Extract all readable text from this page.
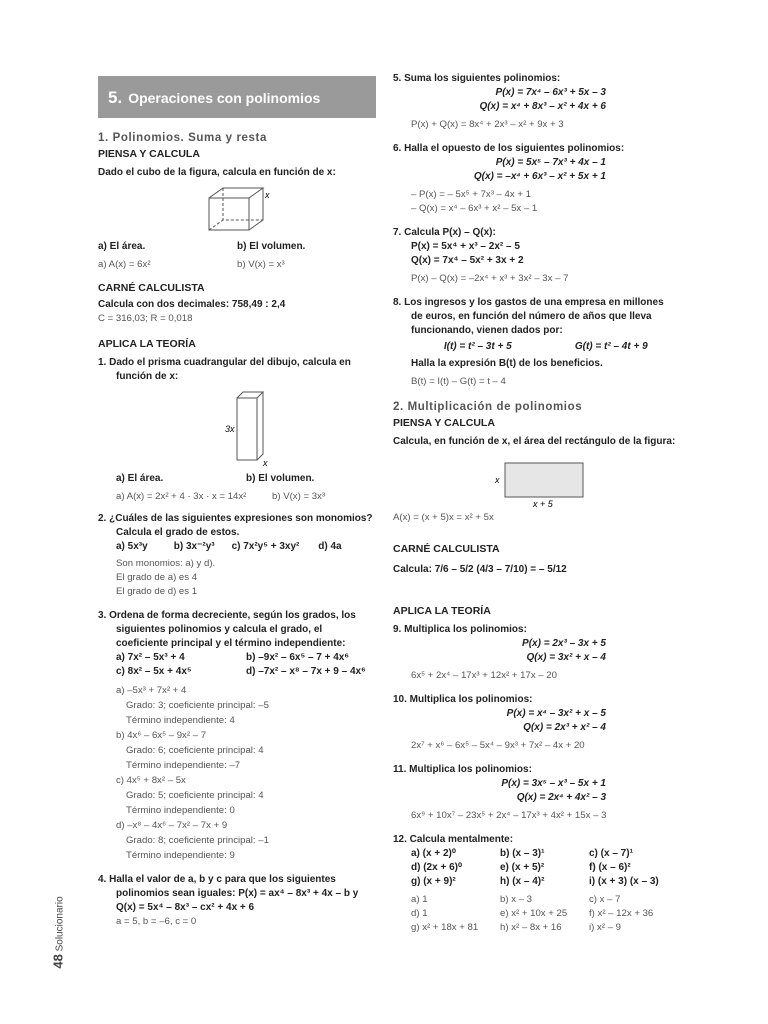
5. Operaciones con polinomios
1. Polinomios. Suma y resta
PIENSA Y CALCULA
Dado el cubo de la figura, calcula en función de x:
x
a) El área.	b) El volumen.
a) A(x) = 6x²	b) V(x) = x³
CARNÉ CALCULISTA
Calcula con dos decimales: 758,49 : 2,4
C = 316,03; R = 0,018
APLICA LA TEORÍA
1. Dado el prisma cuadrangular del dibujo, calcula en función de x:
3x
x
a) El área.	b) El volumen.
a) A(x) = 2x² + 4 · 3x · x = 14x²	b) V(x) = 3x³
2. ¿Cuáles de las siguientes expresiones son monomios? Calcula el grado de estos.
a) 5x³y	b) 3x⁻²y³	c) 7x²y⁵ + 3xy²	d) 4a
Son monomios: a) y d).
El grado de a) es 4
El grado de d) es 1
3. Ordena de forma decreciente, según los grados, los siguientes polinomios y calcula el grado, el coeficiente principal y el término independiente:
a) 7x² – 5x³ + 4	b) –9x² – 6x⁵ – 7 + 4x⁶
c) 8x² – 5x + 4x⁵	d) –7x² – x⁸ – 7x + 9 – 4x⁶
a) –5x³ + 7x² + 4
Grado: 3; coeficiente principal: –5
Término independiente: 4
b) 4x⁶ – 6x⁵ – 9x² – 7
Grado: 6; coeficiente principal: 4
Término independiente: –7
c) 4x⁵ + 8x² – 5x
Grado: 5; coeficiente principal: 4
Término independiente: 0
d) –x⁸ – 4x⁶ – 7x² – 7x + 9
Grado: 8; coeficiente principal: –1
Término independiente: 9
4. Halla el valor de a, b y c para que los siguientes polinomios sean iguales: P(x) = ax⁴ – 8x³ + 4x – b y Q(x) = 5x⁴ – 8x³ – cx² + 4x + 6
a = 5, b = –6, c = 0
5. Suma los siguientes polinomios:
P(x) = 7x⁴ – 6x³ + 5x – 3
Q(x) = x⁴ + 8x³ – x² + 4x + 6
P(x) + Q(x) = 8x⁴ + 2x³ – x² + 9x + 3
6. Halla el opuesto de los siguientes polinomios:
P(x) = 5x⁵ – 7x³ + 4x – 1
Q(x) = –x⁴ + 6x³ – x² + 5x + 1
– P(x) = – 5x⁵ + 7x³ – 4x + 1
– Q(x) = x⁴ – 6x³ + x² – 5x – 1
7. Calcula P(x) – Q(x):
P(x) = 5x⁴ + x³ – 2x² – 5
Q(x) = 7x⁴ – 5x² + 3x + 2
P(x) – Q(x) = –2x⁴ + x³ + 3x² – 3x – 7
8. Los ingresos y los gastos de una empresa en millones de euros, en función del número de años que lleva funcionando, vienen dados por:
I(t) = t² – 3t + 5	G(t) = t² – 4t + 9
Halla la expresión B(t) de los beneficios.
B(t) = I(t) – G(t) = t – 4
2. Multiplicación de polinomios
PIENSA Y CALCULA
Calcula, en función de x, el área del rectángulo de la figura:
x
x + 5
A(x) = (x + 5)x = x² + 5x
CARNÉ CALCULISTA
Calcula: 7/6 – 5/2 (4/3 – 7/10) = – 5/12
APLICA LA TEORÍA
9. Multiplica los polinomios:
P(x) = 2x³ – 3x + 5
Q(x) = 3x² + x – 4
6x⁵ + 2x⁴ – 17x³ + 12x² + 17x – 20
10. Multiplica los polinomios:
P(x) = x⁴ – 3x² + x – 5
Q(x) = 2x³ + x² – 4
2x⁷ + x⁶ – 6x⁵ – 5x⁴ – 9x³ + 7x² – 4x + 20
11. Multiplica los polinomios:
P(x) = 3x⁵ – x³ – 5x + 1
Q(x) = 2x⁴ + 4x² – 3
6x⁹ + 10x⁷ – 23x⁵ + 2x⁴ – 17x³ + 4x² + 15x – 3
12. Calcula mentalmente:
a) (x + 2)⁰	b) (x – 3)¹	c) (x – 7)¹
d) (2x + 6)⁰	e) (x + 5)²	f) (x – 6)²
g) (x + 9)²	h) (x – 4)²	i) (x + 3) (x – 3)
a) 1	b) x – 3	c) x – 7
d) 1	e) x² + 10x + 25	f) x² – 12x + 36
g) x² + 18x + 81	h) x² – 8x + 16	i) x² – 9
48 Solucionario
